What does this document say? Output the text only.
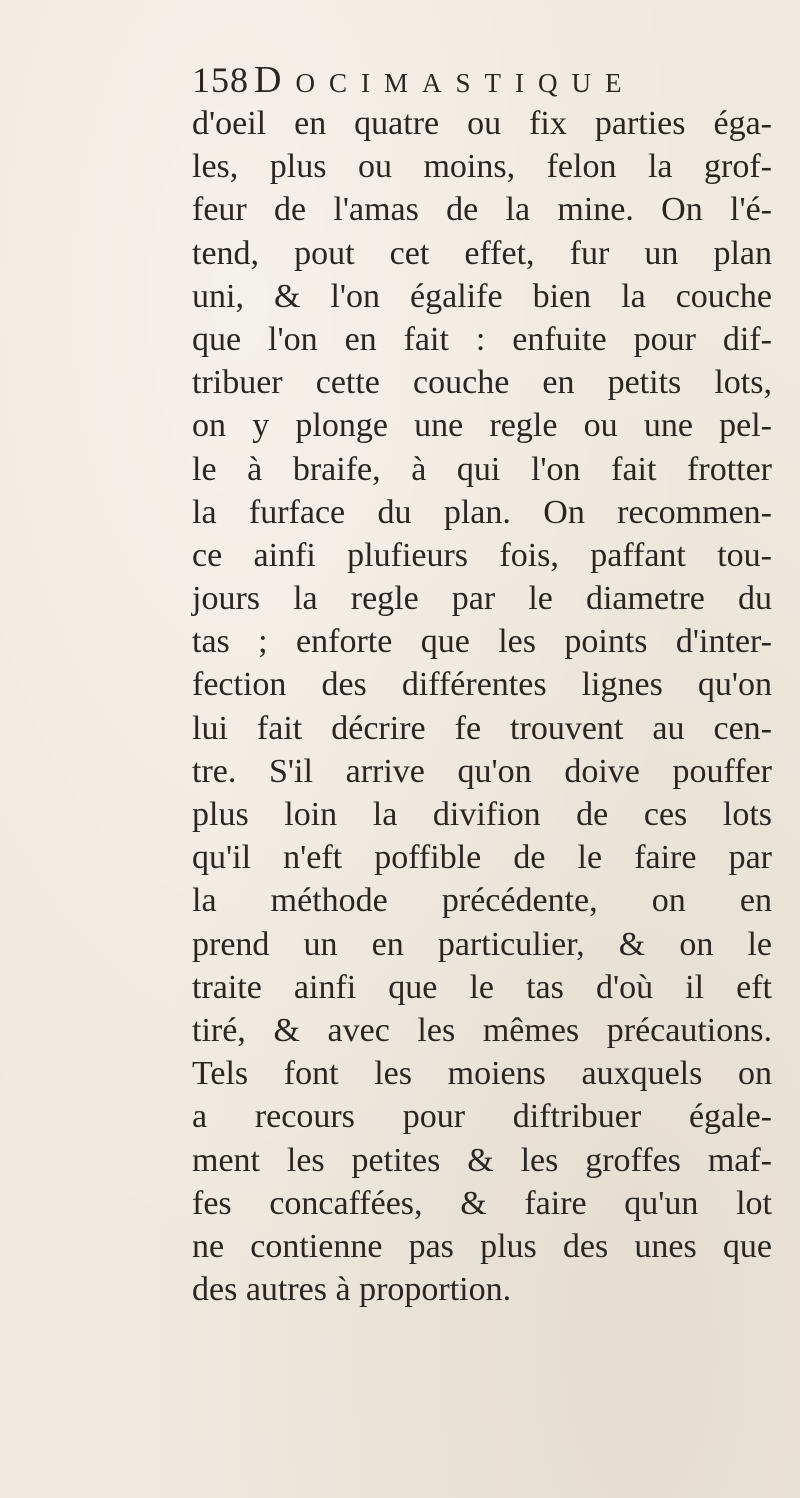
158 Docimastique
d'oeil en quatre ou fix parties éga-
les, plus ou moins, felon la grof-
feur de l'amas de la mine. On l'é-
tend, pout cet effet, fur un plan
uni, & l'on égalife bien la couche
que l'on en fait : enfuite pour dif-
tribuer cette couche en petits lots,
on y plonge une regle ou une pel-
le à braife, à qui l'on fait frotter
la furface du plan. On recommen-
ce ainfi plufieurs fois, paffant tou-
jours la regle par le diametre du
tas ; enforte que les points d'inter-
fection des différentes lignes qu'on
lui fait décrire fe trouvent au cen-
tre. S'il arrive qu'on doive pouffer
plus loin la divifion de ces lots
qu'il n'eft poffible de le faire par
la méthode précédente, on en
prend un en particulier, & on le
traite ainfi que le tas d'où il eft
tiré, & avec les mêmes précautions.
Tels font les moiens auxquels on
a recours pour diftribuer égale-
ment les petites & les groffes maf-
fes concaffées, & faire qu'un lot
ne contienne pas plus des unes que
des autres à proportion.
